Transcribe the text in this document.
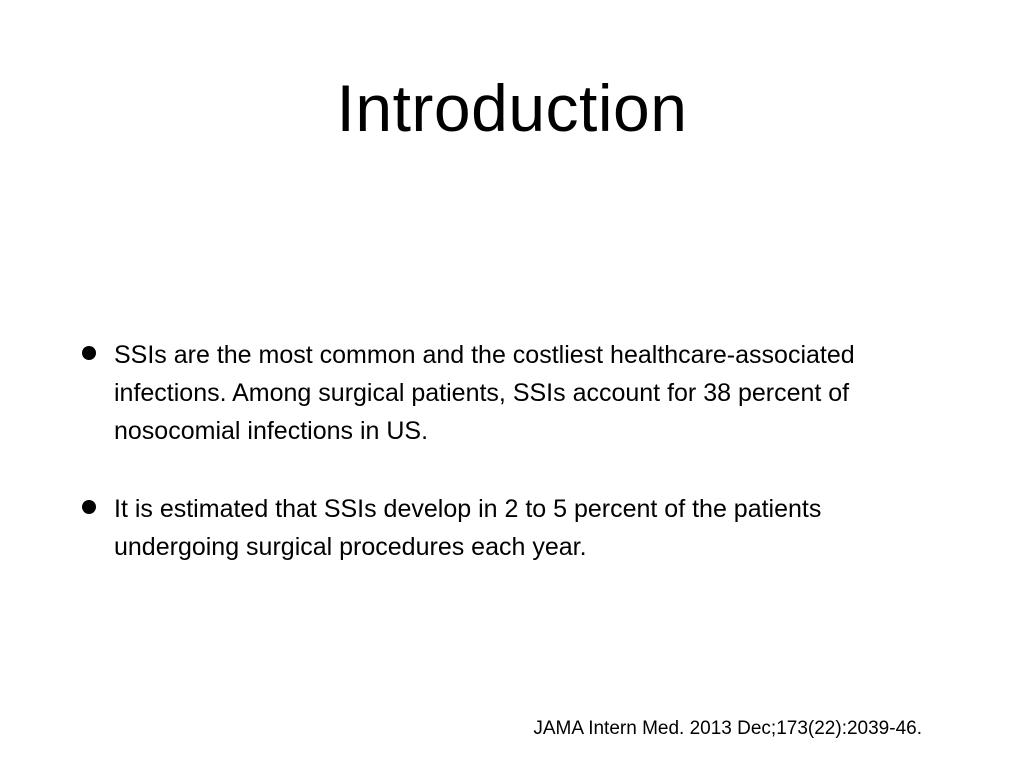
Introduction
SSIs are the most common and the costliest healthcare-associated infections. Among surgical patients, SSIs account for 38 percent of nosocomial infections in US.
It is estimated that SSIs develop in 2 to 5 percent of the patients undergoing surgical procedures each year.
JAMA Intern Med. 2013 Dec;173(22):2039-46.
